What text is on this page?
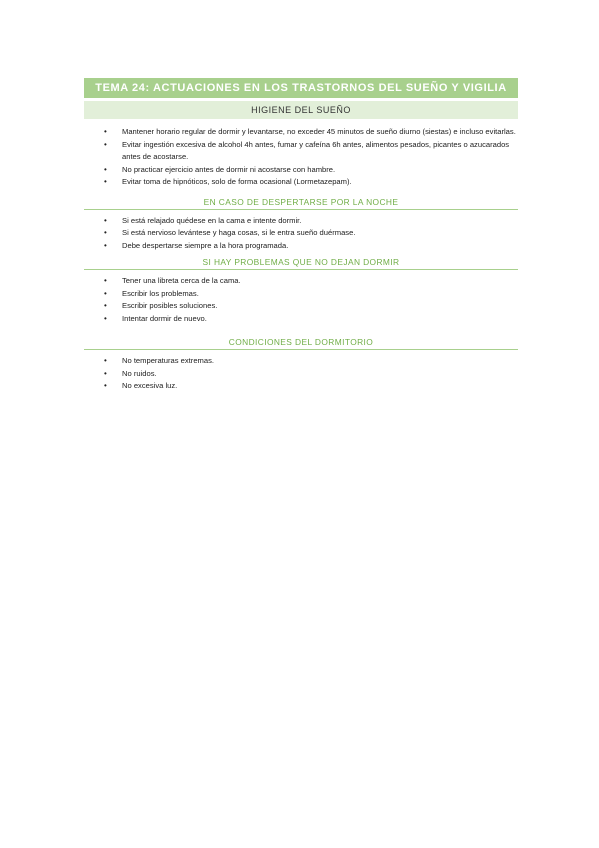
TEMA 24: ACTUACIONES EN LOS TRASTORNOS DEL SUEÑO Y VIGILIA
HIGIENE DEL SUEÑO
• Mantener horario regular de dormir y levantarse, no exceder 45 minutos de sueño diurno (siestas) e incluso evitarlas.
• Evitar ingestión excesiva de alcohol 4h antes, fumar y cafeína 6h antes, alimentos pesados, picantes o azucarados antes de acostarse.
• No practicar ejercicio antes de dormir ni acostarse con hambre.
• Evitar toma de hipnóticos, solo de forma ocasional (Lormetazepam).
EN CASO DE DESPERTARSE POR LA NOCHE
• Si está relajado quédese en la cama e intente dormir.
• Si está nervioso levántese y haga cosas, si le entra sueño duérmase.
• Debe despertarse siempre a la hora programada.
SI HAY PROBLEMAS QUE NO DEJAN DORMIR
• Tener una libreta cerca de la cama.
• Escribir los problemas.
• Escribir posibles soluciones.
• Intentar dormir de nuevo.
CONDICIONES DEL DORMITORIO
• No temperaturas extremas.
• No ruidos.
• No excesiva luz.
